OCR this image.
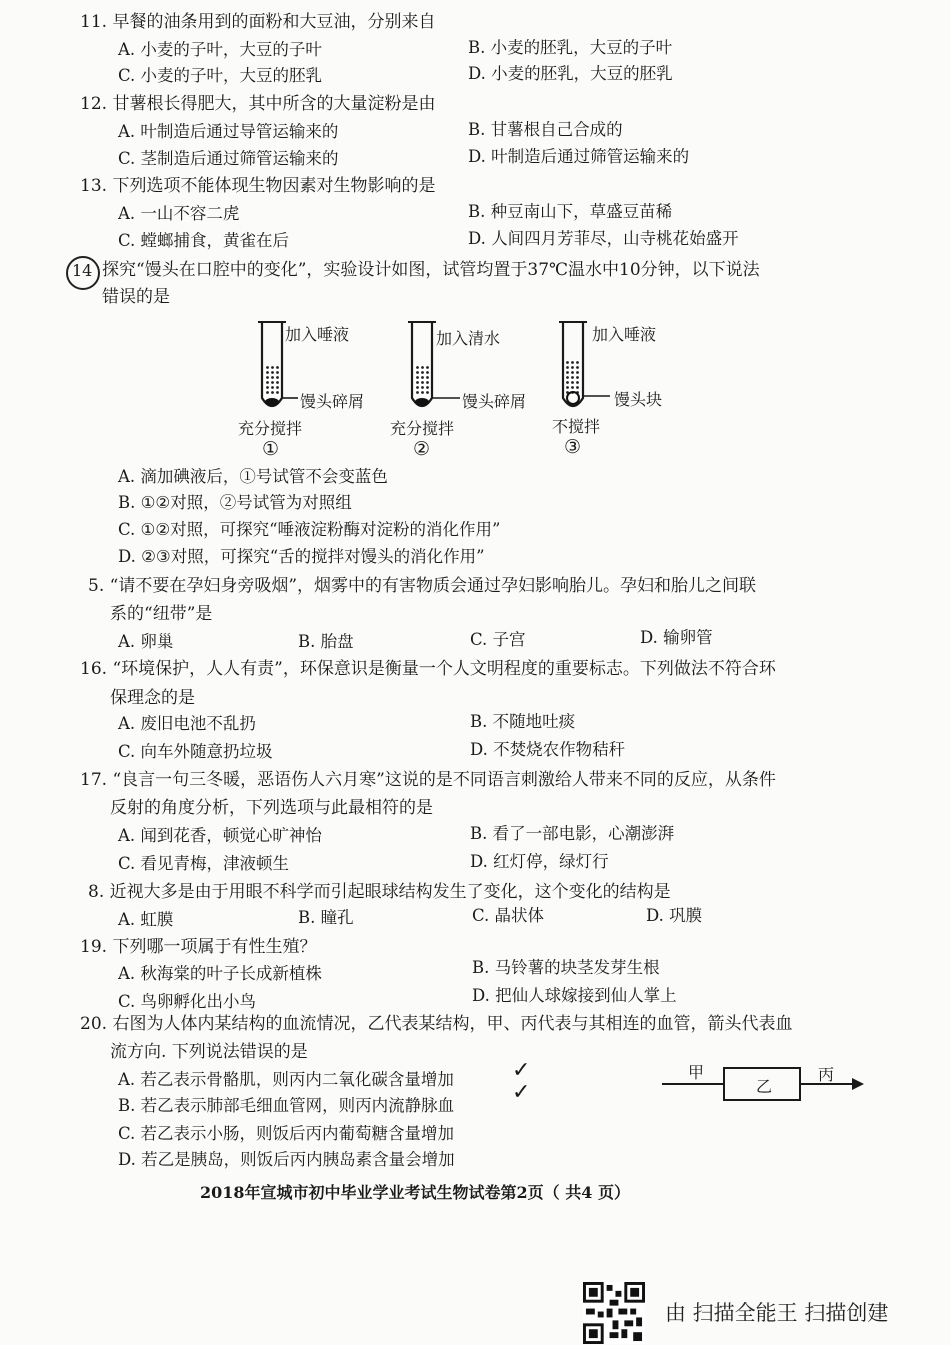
11. 早餐的油条用到的面粉和大豆油，分别来自
A. 小麦的子叶，大豆的子叶	B. 小麦的胚乳，大豆的子叶
C. 小麦的子叶，大豆的胚乳	D. 小麦的胚乳，大豆的胚乳
12. 甘薯根长得肥大，其中所含的大量淀粉是由
A. 叶制造后通过导管运输来的	B. 甘薯根自己合成的
C. 茎制造后通过筛管运输来的	D. 叶制造后通过筛管运输来的
13. 下列选项不能体现生物因素对生物影响的是
A. 一山不容二虎	B. 种豆南山下，草盛豆苗稀
C. 螳螂捕食，黄雀在后	D. 人间四月芳菲尽，山寺桃花始盛开
14 探究“馒头在口腔中的变化”，实验设计如图，试管均置于37℃温水中10分钟，以下说法
错误的是
加入唾液
馒头碎屑
充分搅拌
①
加入清水
馒头碎屑
充分搅拌
②
加入唾液
馒头块
不搅拌
③
A. 滴加碘液后，①号试管不会变蓝色
B. ①②对照，②号试管为对照组
C. ①②对照，可探究“唾液淀粉酶对淀粉的消化作用”
D. ②③对照，可探究“舌的搅拌对馒头的消化作用”
5. “请不要在孕妇身旁吸烟”，烟雾中的有害物质会通过孕妇影响胎儿。孕妇和胎儿之间联
系的“纽带”是
A. 卵巢	B. 胎盘	C. 子宫	D. 输卵管
16. “环境保护，人人有责”，环保意识是衡量一个人文明程度的重要标志。下列做法不符合环
保理念的是
A. 废旧电池不乱扔	B. 不随地吐痰
C. 向车外随意扔垃圾	D. 不焚烧农作物秸秆
17. “良言一句三冬暖，恶语伤人六月寒”这说的是不同语言刺激给人带来不同的反应，从条件
反射的角度分析，下列选项与此最相符的是
A. 闻到花香，顿觉心旷神怡	B. 看了一部电影，心潮澎湃
C. 看见青梅，津液顿生	D. 红灯停，绿灯行
8. 近视大多是由于用眼不科学而引起眼球结构发生了变化，这个变化的结构是
A. 虹膜	B. 瞳孔	C. 晶状体	D. 巩膜
19. 下列哪一项属于有性生殖？
A. 秋海棠的叶子长成新植株	B. 马铃薯的块茎发芽生根
C. 鸟卵孵化出小鸟	D. 把仙人球嫁接到仙人掌上
20. 右图为人体内某结构的血流情况，乙代表某结构，甲、丙代表与其相连的血管，箭头代表血
流方向. 下列说法错误的是
A. 若乙表示骨骼肌，则丙内二氧化碳含量增加
B. 若乙表示肺部毛细血管网，则丙内流静脉血
C. 若乙表示小肠，则饭后丙内葡萄糖含量增加
D. 若乙是胰岛，则饭后丙内胰岛素含量会增加
✓
✓
甲
乙
丙
2018年宣城市初中毕业学业考试生物试卷第2页（ 共4 页）
由 扫描全能王 扫描创建
